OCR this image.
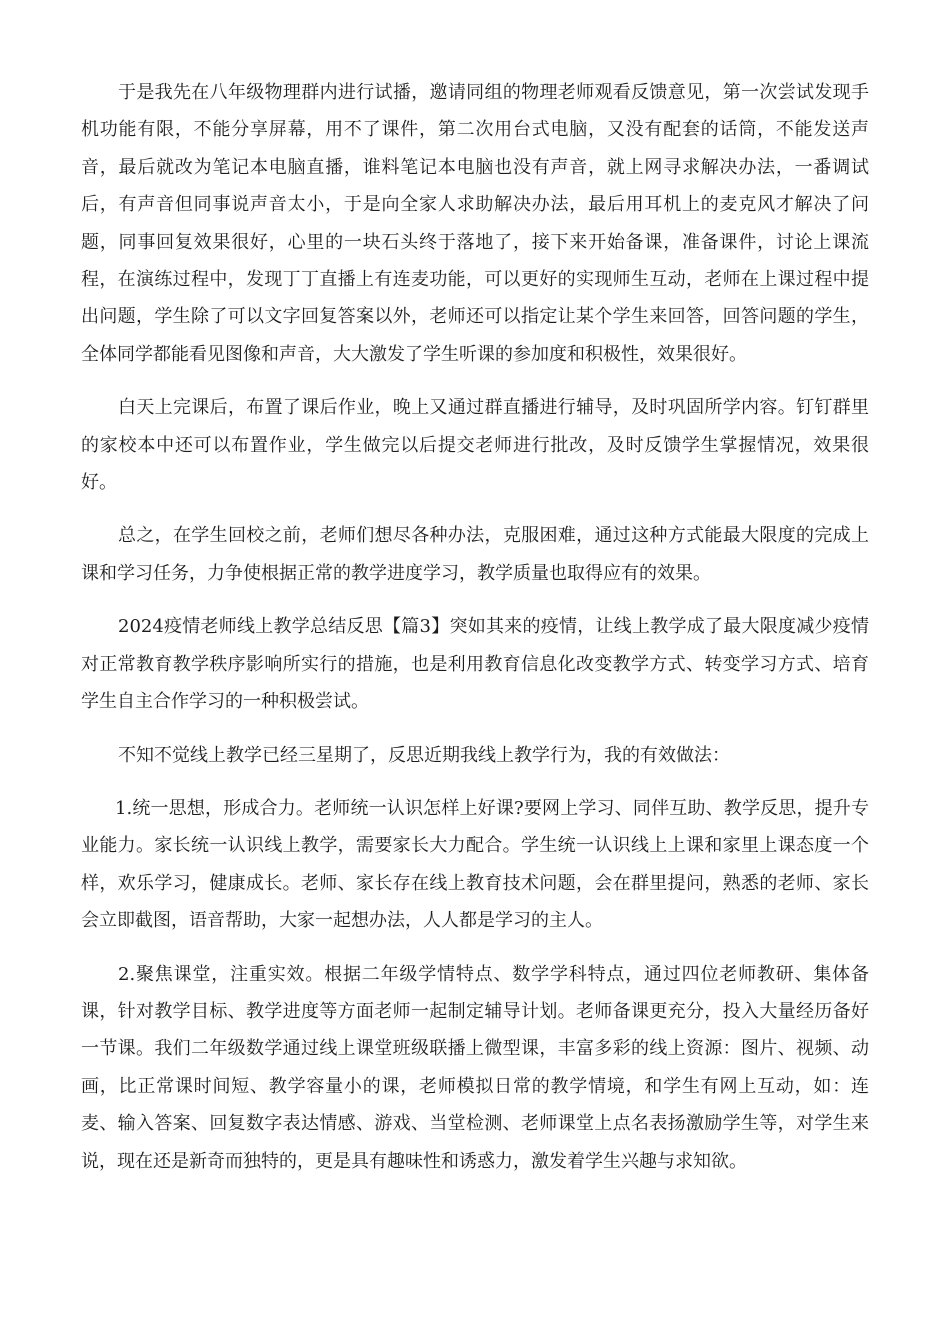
于是我先在八年级物理群内进行试播，邀请同组的物理老师观看反馈意见，第一次尝试发现手机功能有限，不能分享屏幕，用不了课件，第二次用台式电脑，又没有配套的话筒，不能发送声音，最后就改为笔记本电脑直播，谁料笔记本电脑也没有声音，就上网寻求解决办法，一番调试后，有声音但同事说声音太小，于是向全家人求助解决办法，最后用耳机上的麦克风才解决了问题，同事回复效果很好，心里的一块石头终于落地了，接下来开始备课，准备课件，讨论上课流程，在演练过程中，发现丁丁直播上有连麦功能，可以更好的实现师生互动，老师在上课过程中提出问题，学生除了可以文字回复答案以外，老师还可以指定让某个学生来回答，回答问题的学生，全体同学都能看见图像和声音，大大激发了学生听课的参加度和积极性，效果很好。

白天上完课后，布置了课后作业，晚上又通过群直播进行辅导，及时巩固所学内容。钉钉群里的家校本中还可以布置作业，学生做完以后提交老师进行批改，及时反馈学生掌握情况，效果很好。

总之，在学生回校之前，老师们想尽各种办法，克服困难，通过这种方式能最大限度的完成上课和学习任务，力争使根据正常的教学进度学习，教学质量也取得应有的效果。

2024疫情老师线上教学总结反思【篇3】突如其来的疫情，让线上教学成了最大限度减少疫情对正常教育教学秩序影响所实行的措施，也是利用教育信息化改变教学方式、转变学习方式、培育学生自主合作学习的一种积极尝试。

不知不觉线上教学已经三星期了，反思近期我线上教学行为，我的有效做法：

1.统一思想，形成合力。老师统一认识怎样上好课?要网上学习、同伴互助、教学反思，提升专业能力。家长统一认识线上教学，需要家长大力配合。学生统一认识线上上课和家里上课态度一个样，欢乐学习，健康成长。老师、家长存在线上教育技术问题，会在群里提问，熟悉的老师、家长会立即截图，语音帮助，大家一起想办法，人人都是学习的主人。

2.聚焦课堂，注重实效。根据二年级学情特点、数学学科特点，通过四位老师教研、集体备课，针对教学目标、教学进度等方面老师一起制定辅导计划。老师备课更充分，投入大量经历备好一节课。我们二年级数学通过线上课堂班级联播上微型课，丰富多彩的线上资源：图片、视频、动画，比正常课时间短、教学容量小的课，老师模拟日常的教学情境，和学生有网上互动，如：连麦、输入答案、回复数字表达情感、游戏、当堂检测、老师课堂上点名表扬激励学生等，对学生来说，现在还是新奇而独特的，更是具有趣味性和诱惑力，激发着学生兴趣与求知欲。
